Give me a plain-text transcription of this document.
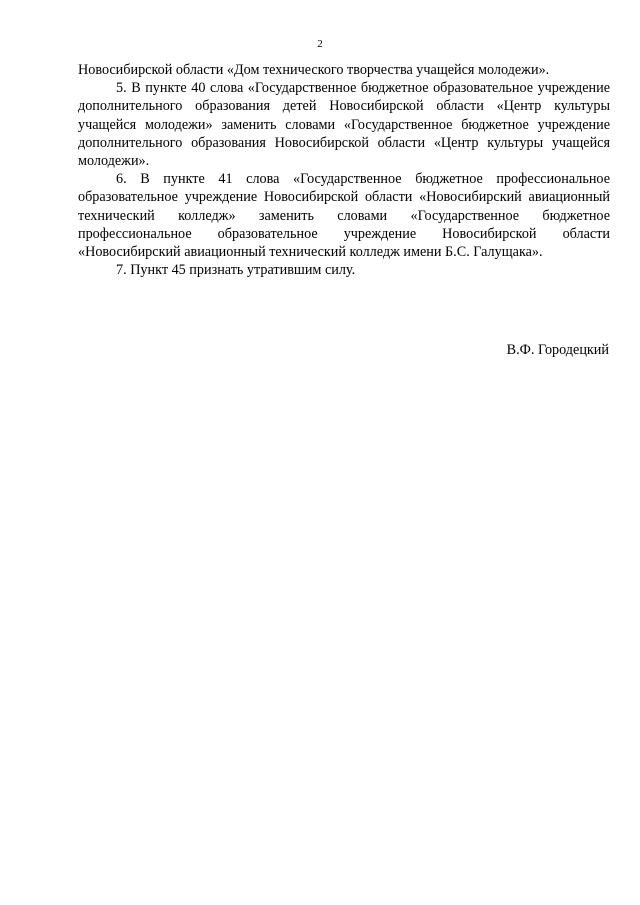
2

Новосибирской области «Дом технического творчества учащейся молодежи».

5. В пункте 40 слова «Государственное бюджетное образовательное учреждение дополнительного образования детей Новосибирской области «Центр культуры учащейся молодежи» заменить словами «Государственное бюджетное учреждение дополнительного образования Новосибирской области «Центр культуры учащейся молодежи».

6. В пункте 41 слова «Государственное бюджетное профессиональное образовательное учреждение Новосибирской области «Новосибирский авиационный технический колледж» заменить словами «Государственное бюджетное профессиональное образовательное учреждение Новосибирской области «Новосибирский авиационный технический колледж имени Б.С. Галущака».

7. Пункт 45 признать утратившим силу.

В.Ф. Городецкий
